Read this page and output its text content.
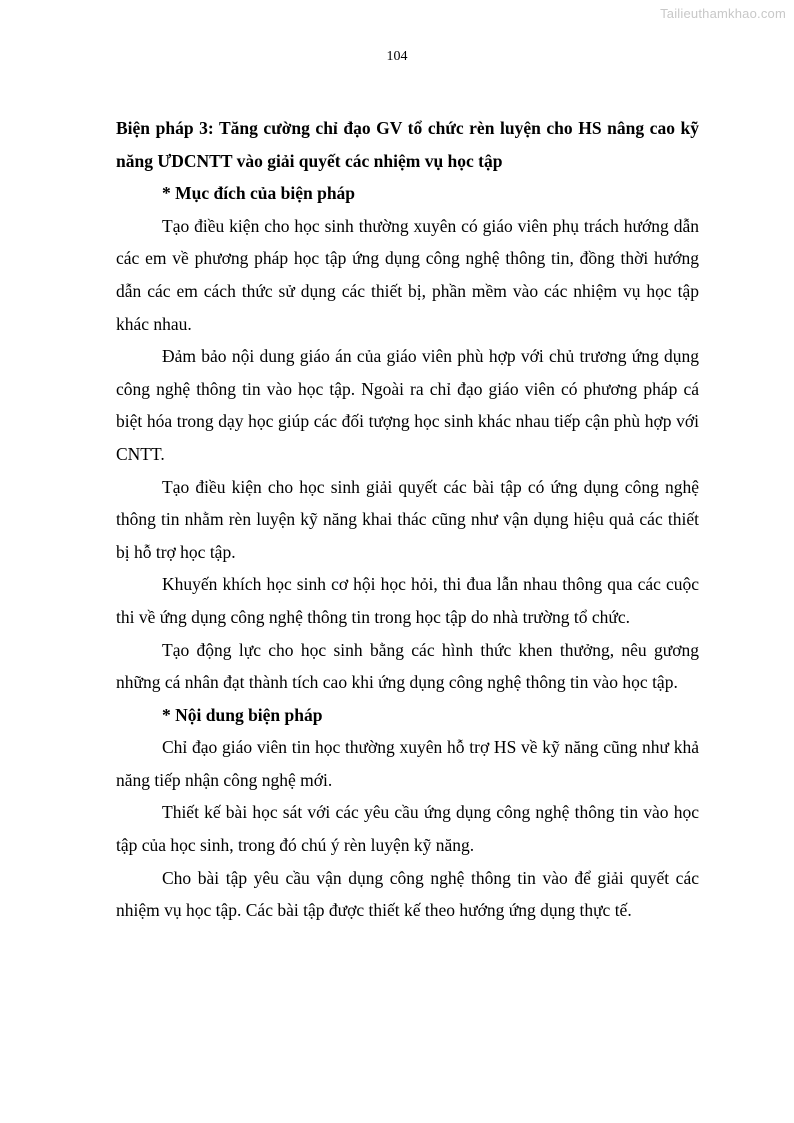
Tailieuthamkhao.com
104

Biện pháp 3: Tăng cường chỉ đạo GV tổ chức rèn luyện cho HS nâng cao kỹ năng ƯDCNTT vào giải quyết các nhiệm vụ học tập

* Mục đích của biện pháp

Tạo điều kiện cho học sinh thường xuyên có giáo viên phụ trách hướng dẫn các em về phương pháp học tập ứng dụng công nghệ thông tin, đồng thời hướng dẫn các em cách thức sử dụng các thiết bị, phần mềm vào các nhiệm vụ học tập khác nhau.

Đảm bảo nội dung giáo án của giáo viên phù hợp với chủ trương ứng dụng công nghệ thông tin vào học tập. Ngoài ra chỉ đạo giáo viên có phương pháp cá biệt hóa trong dạy học giúp các đối tượng học sinh khác nhau tiếp cận phù hợp với CNTT.

Tạo điều kiện cho học sinh giải quyết các bài tập có ứng dụng công nghệ thông tin nhằm rèn luyện kỹ năng khai thác cũng như vận dụng hiệu quả các thiết bị hỗ trợ học tập.

Khuyến khích học sinh cơ hội học hỏi, thi đua lẫn nhau thông qua các cuộc thi về ứng dụng công nghệ thông tin trong học tập do nhà trường tổ chức.

Tạo động lực cho học sinh bằng các hình thức khen thưởng, nêu gương những cá nhân đạt thành tích cao khi ứng dụng công nghệ thông tin vào học tập.

* Nội dung biện pháp

Chỉ đạo giáo viên tin học thường xuyên hỗ trợ HS về kỹ năng cũng như khả năng tiếp nhận công nghệ mới.

Thiết kế bài học sát với các yêu cầu ứng dụng công nghệ thông tin vào học tập của học sinh, trong đó chú ý rèn luyện kỹ năng.

Cho bài tập yêu cầu vận dụng công nghệ thông tin vào để giải quyết các nhiệm vụ học tập. Các bài tập được thiết kế theo hướng ứng dụng thực tế.
